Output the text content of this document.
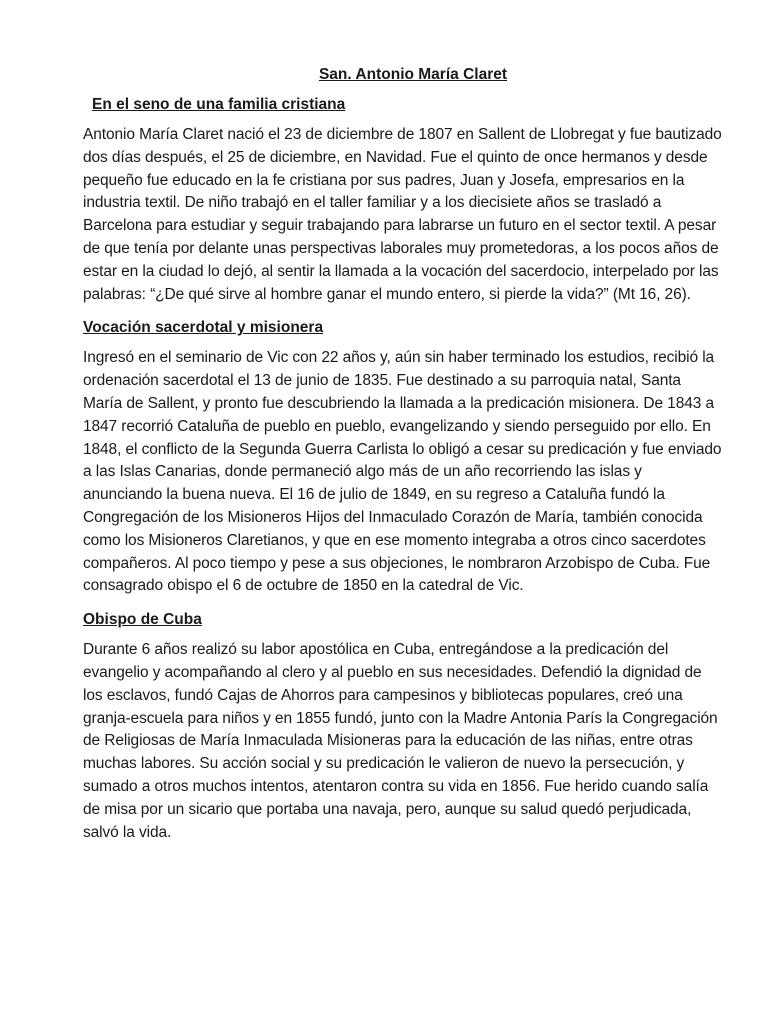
San. Antonio María Claret
En el seno de una familia cristiana

Antonio María Claret nació el 23 de diciembre de 1807 en Sallent de Llobregat y fue bautizado dos días después, el 25 de diciembre, en Navidad. Fue el quinto de once hermanos y desde pequeño fue educado en la fe cristiana por sus padres, Juan y Josefa, empresarios en la industria textil. De niño trabajó en el taller familiar y a los diecisiete años se trasladó a Barcelona para estudiar y seguir trabajando para labrarse un futuro en el sector textil. A pesar de que tenía por delante unas perspectivas laborales muy prometedoras, a los pocos años de estar en la ciudad lo dejó, al sentir la llamada a la vocación del sacerdocio, interpelado por las palabras: “¿De qué sirve al hombre ganar el mundo entero, si pierde la vida?” (Mt 16, 26).

Vocación sacerdotal y misionera

Ingresó en el seminario de Vic con 22 años y, aún sin haber terminado los estudios, recibió la ordenación sacerdotal el 13 de junio de 1835. Fue destinado a su parroquia natal, Santa María de Sallent, y pronto fue descubriendo la llamada a la predicación misionera. De 1843 a 1847 recorrió Cataluña de pueblo en pueblo, evangelizando y siendo perseguido por ello. En 1848, el conflicto de la Segunda Guerra Carlista lo obligó a cesar su predicación y fue enviado a las Islas Canarias, donde permaneció algo más de un año recorriendo las islas y anunciando la buena nueva. El 16 de julio de 1849, en su regreso a Cataluña fundó la Congregación de los Misioneros Hijos del Inmaculado Corazón de María, también conocida como los Misioneros Claretianos, y que en ese momento integraba a otros cinco sacerdotes compañeros. Al poco tiempo y pese a sus objeciones, le nombraron Arzobispo de Cuba. Fue consagrado obispo el 6 de octubre de 1850 en la catedral de Vic.

Obispo de Cuba

Durante 6 años realizó su labor apostólica en Cuba, entregándose a la predicación del evangelio y acompañando al clero y al pueblo en sus necesidades. Defendió la dignidad de los esclavos, fundó Cajas de Ahorros para campesinos y bibliotecas populares, creó una granja-escuela para niños y en 1855 fundó, junto con la Madre Antonia París la Congregación de Religiosas de María Inmaculada Misioneras para la educación de las niñas, entre otras muchas labores. Su acción social y su predicación le valieron de nuevo la persecución, y sumado a otros muchos intentos, atentaron contra su vida en 1856. Fue herido cuando salía de misa por un sicario que portaba una navaja, pero, aunque su salud quedó perjudicada, salvó la vida.
